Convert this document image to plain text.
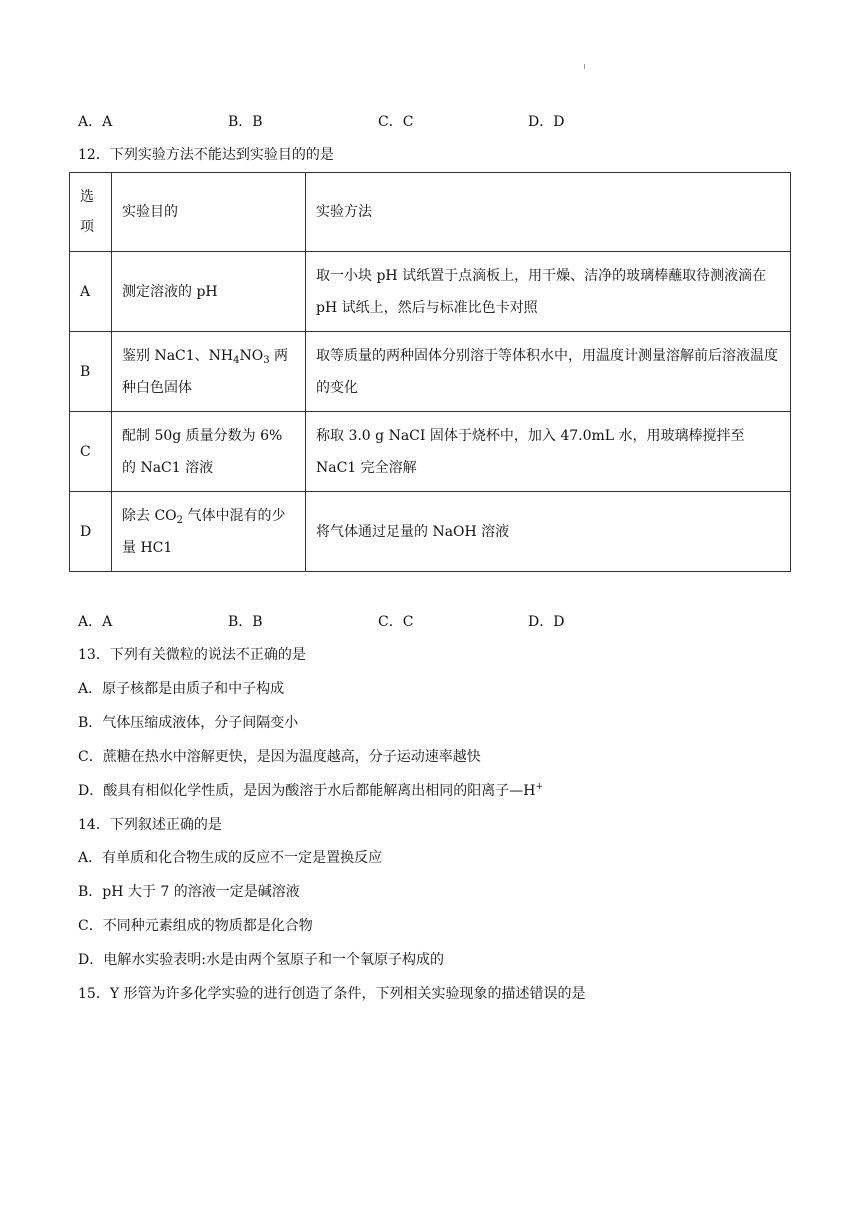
A．A	B．B	C．C	D．D
12．下列实验方法不能达到实验目的的是
选项	实验目的	实验方法
A	测定溶液的 pH	取一小块 pH 试纸置于点滴板上，用干燥、洁净的玻璃棒蘸取待测液滴在 pH 试纸上，然后与标准比色卡对照
B	鉴别 NaC1、$NH_4NO_3$ 两种白色固体	取等质量的两种固体分别溶于等体积水中，用温度计测量溶解前后溶液温度的变化
C	配制 50g 质量分数为 6%的 NaC1 溶液	称取 3.0 g NaCI 固体于烧杯中，加入 47.0mL 水，用玻璃棒搅拌至 NaC1 完全溶解
D	除去 $CO_2$ 气体中混有的少量 HC1	将气体通过足量的 NaOH 溶液
A．A	B．B	C．C	D．D
13．下列有关微粒的说法不正确的是
A．原子核都是由质子和中子构成
B．气体压缩成液体，分子间隔变小
C．蔗糖在热水中溶解更快，是因为温度越高，分子运动速率越快
D．酸具有相似化学性质，是因为酸溶于水后都能解离出相同的阳离子—H+
14．下列叙述正确的是
A．有单质和化合物生成的反应不一定是置换反应
B．pH 大于 7 的溶液一定是碱溶液
C．不同种元素组成的物质都是化合物
D．电解水实验表明:水是由两个氢原子和一个氧原子构成的
15．Y 形管为许多化学实验的进行创造了条件，下列相关实验现象的描述错误的是
